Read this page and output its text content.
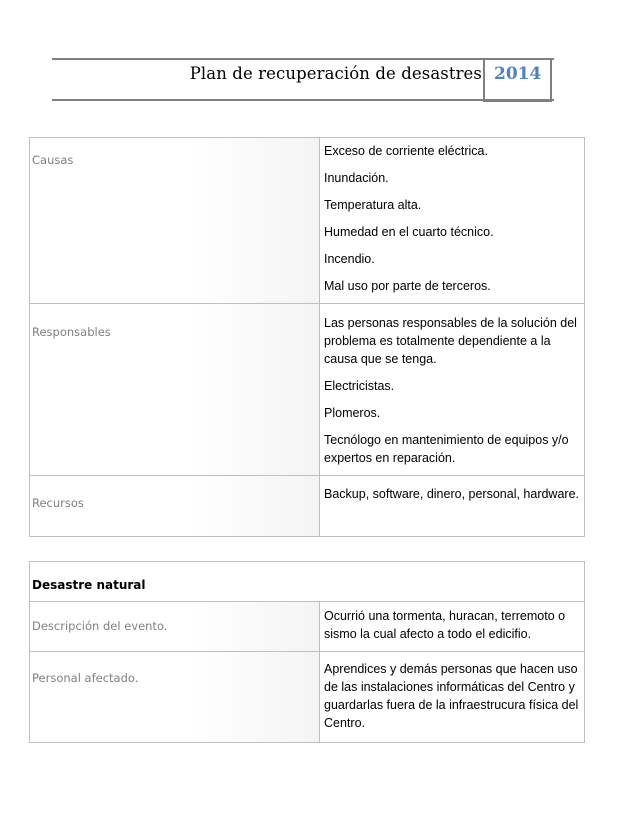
Plan de recuperación de desastres 2014
Causas

Exceso de corriente eléctrica.

Inundación.

Temperatura alta.

Humedad en el cuarto técnico.

Incendio.

Mal uso por parte de terceros.

Responsables

Las personas responsables de la solución del problema es totalmente dependiente a la causa que se tenga.

Electricistas.

Plomeros.

Tecnólogo en mantenimiento de equipos y/o expertos en reparación.

Recursos

Backup, software, dinero, personal, hardware.

Desastre natural
Descripción del evento.

Ocurrió una tormenta, huracan, terremoto o sismo la cual afecto a todo el edicifio.

Personal afectado.

Aprendices y demás personas que hacen uso de las instalaciones informáticas del Centro y guardarlas fuera de la infraestrucura física del Centro.
